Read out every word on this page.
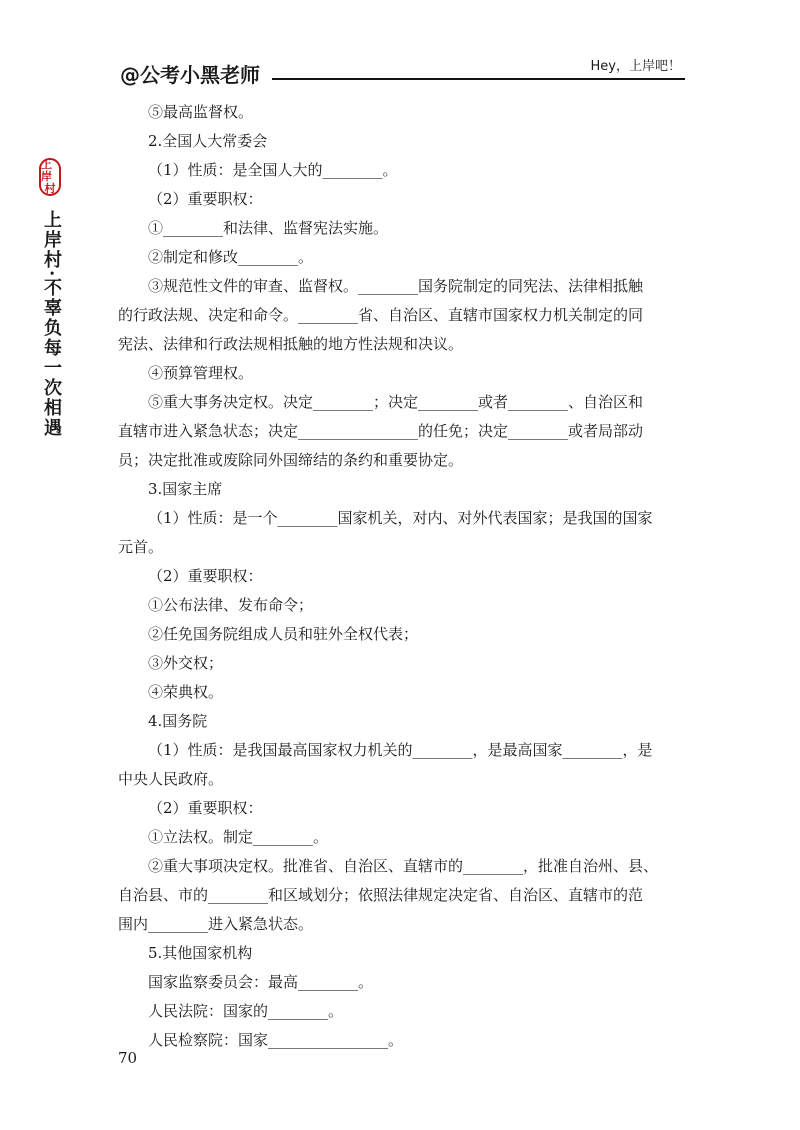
@公考小黑老师	Hey，上岸吧！
上岸
村
上岸村·不辜负每一次相遇
⑤最高监督权。
2.全国人大常委会
（1）性质：是全国人大的________。
（2）重要职权：
①________和法律、监督宪法实施。
②制定和修改________。
③规范性文件的审查、监督权。________国务院制定的同宪法、法律相抵触
的行政法规、决定和命令。________省、自治区、直辖市国家权力机关制定的同
宪法、法律和行政法规相抵触的地方性法规和决议。
④预算管理权。
⑤重大事务决定权。决定________；决定________或者________、自治区和
直辖市进入紧急状态；决定________________的任免；决定________或者局部动
员；决定批准或废除同外国缔结的条约和重要协定。
3.国家主席
（1）性质：是一个________国家机关，对内、对外代表国家；是我国的国家
元首。
（2）重要职权：
①公布法律、发布命令；
②任免国务院组成人员和驻外全权代表；
③外交权；
④荣典权。
4.国务院
（1）性质：是我国最高国家权力机关的________，是最高国家________，是
中央人民政府。
（2）重要职权：
①立法权。制定________。
②重大事项决定权。批准省、自治区、直辖市的________，批准自治州、县、
自治县、市的________和区域划分；依照法律规定决定省、自治区、直辖市的范
围内________进入紧急状态。
5.其他国家机构
国家监察委员会：最高________。
人民法院：国家的________。
人民检察院：国家________________。
70
